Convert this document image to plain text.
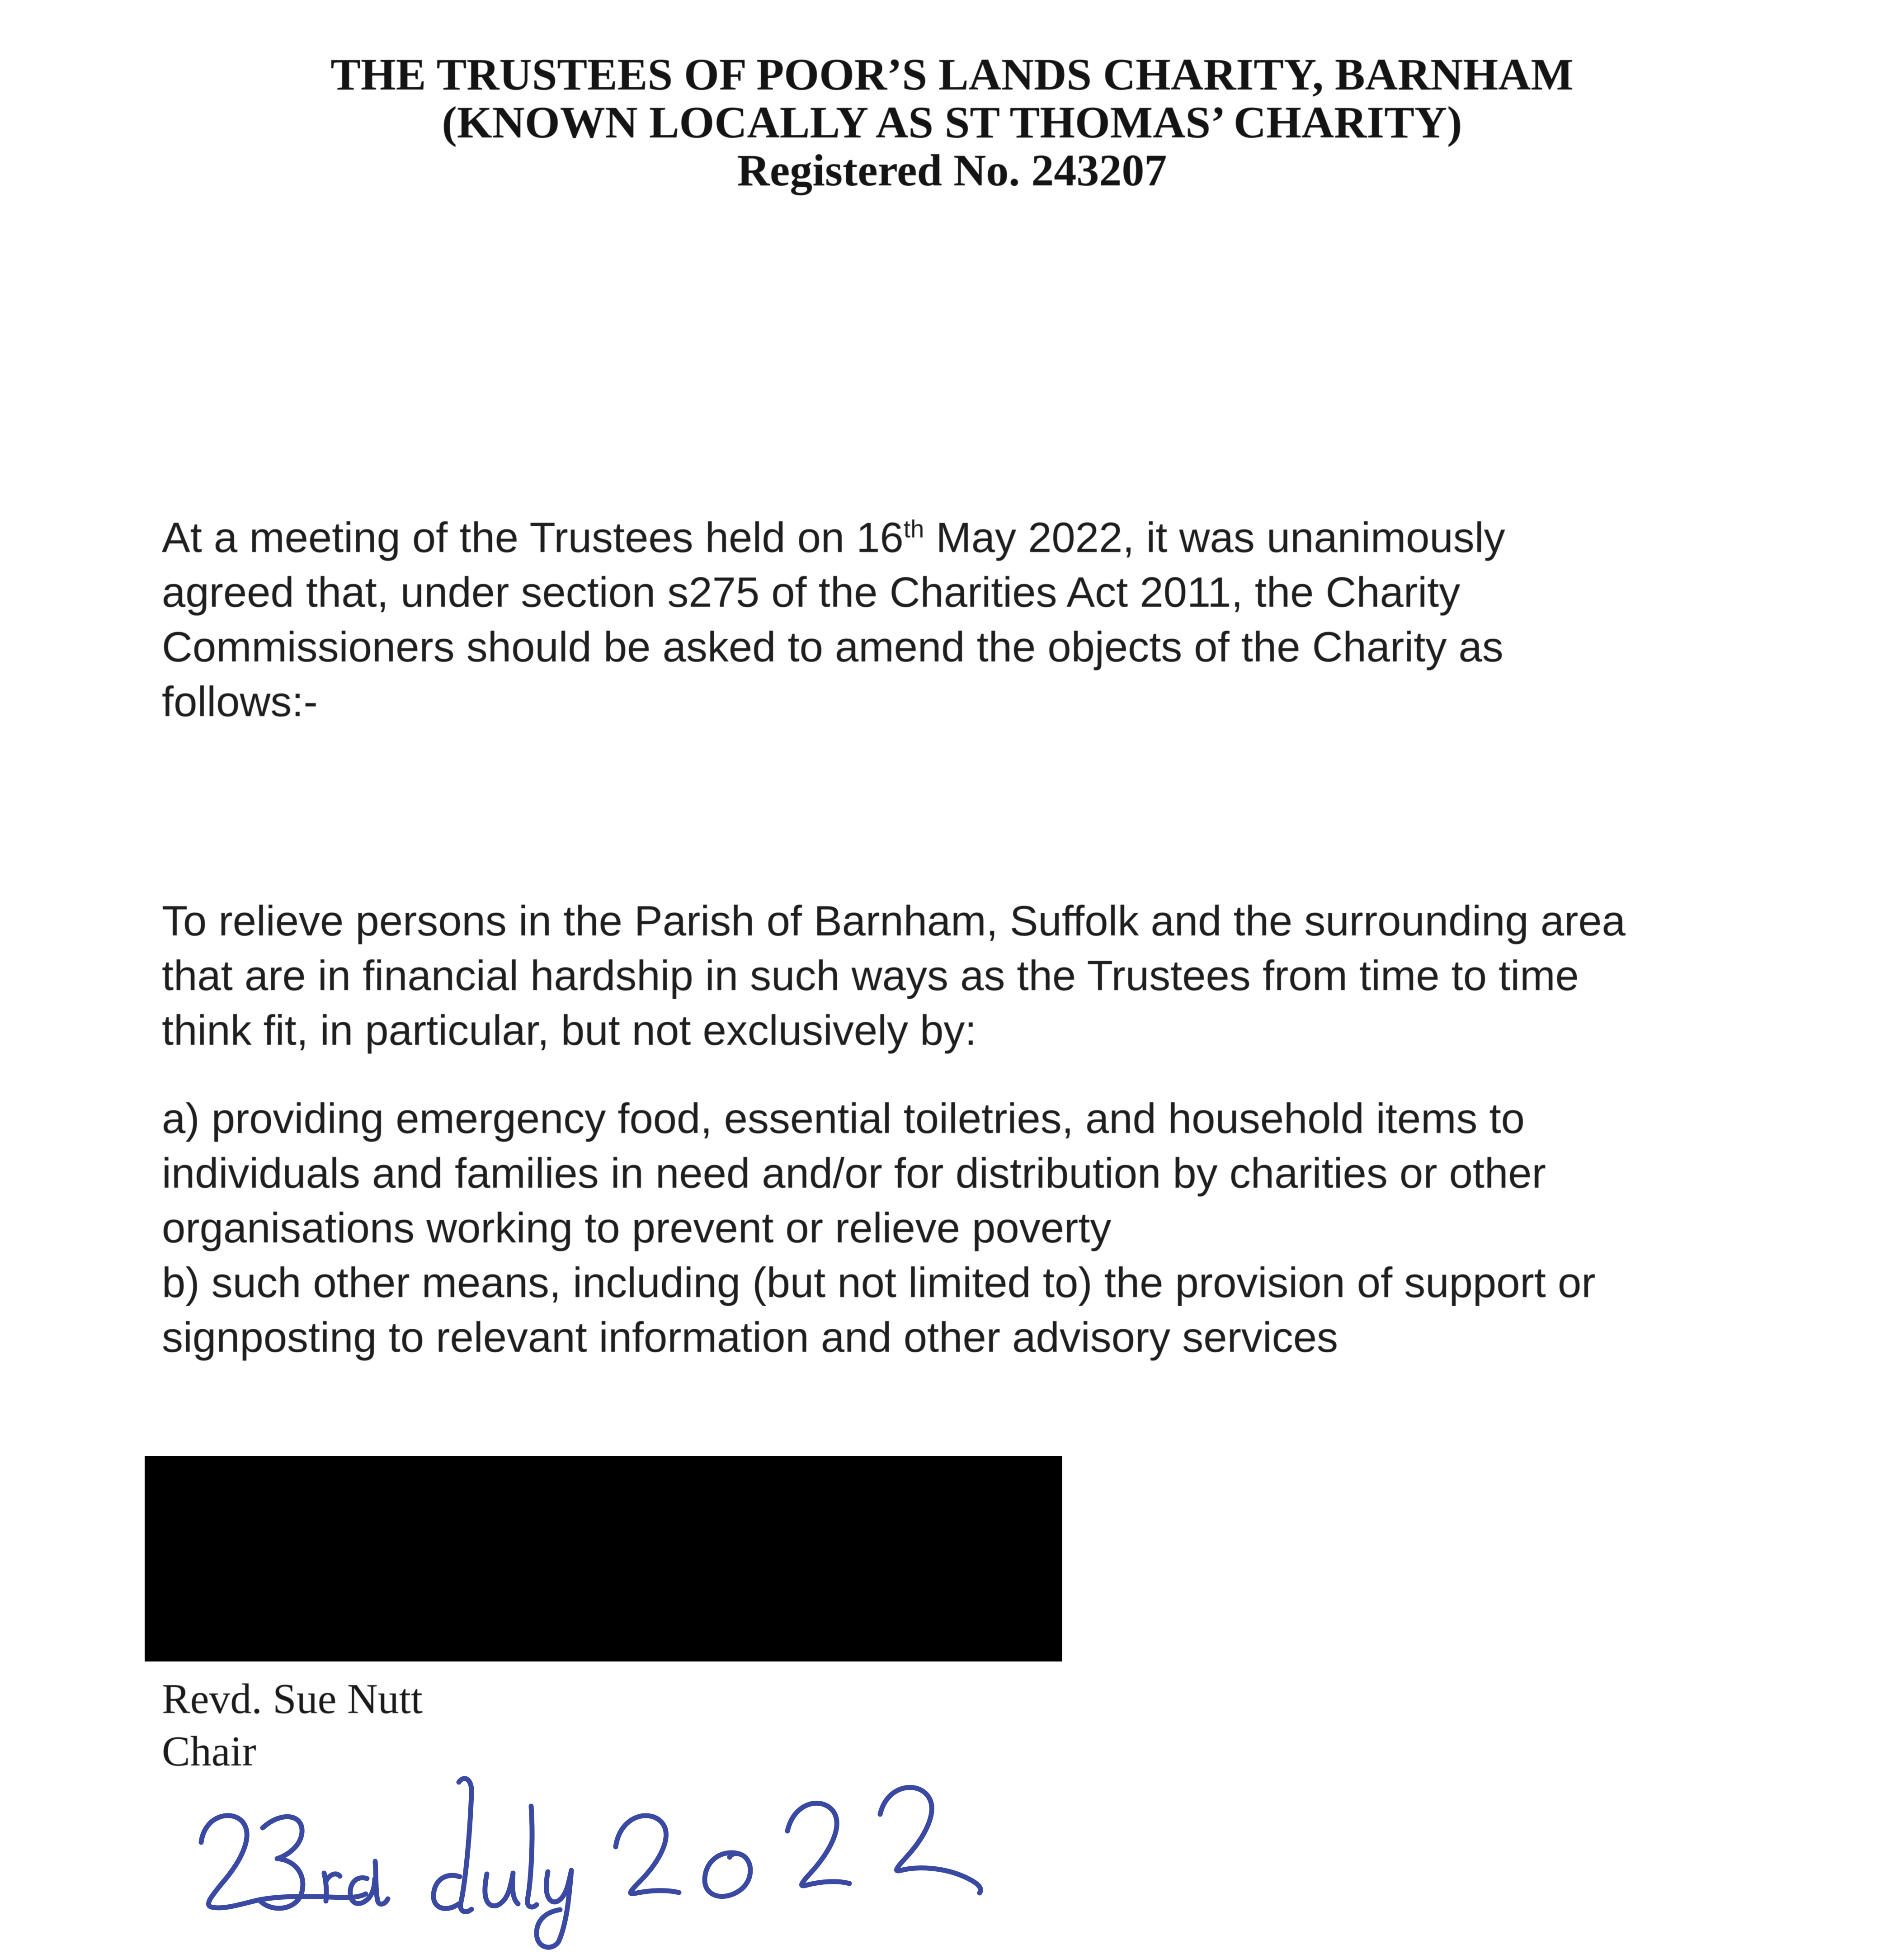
THE TRUSTEES OF POOR’S LANDS CHARITY, BARNHAM
(KNOWN LOCALLY AS ST THOMAS’ CHARITY)
Registered No. 243207
At a meeting of the Trustees held on 16th May 2022, it was unanimously
agreed that, under section s275 of the Charities Act 2011, the Charity
Commissioners should be asked to amend the objects of the Charity as
follows:-
To relieve persons in the Parish of Barnham, Suffolk and the surrounding area
that are in financial hardship in such ways as the Trustees from time to time
think fit, in particular, but not exclusively by:
a) providing emergency food, essential toiletries, and household items to
individuals and families in need and/or for distribution by charities or other
organisations working to prevent or relieve poverty
b) such other means, including (but not limited to) the provision of support or
signposting to relevant information and other advisory services
Revd. Sue Nutt
Chair
